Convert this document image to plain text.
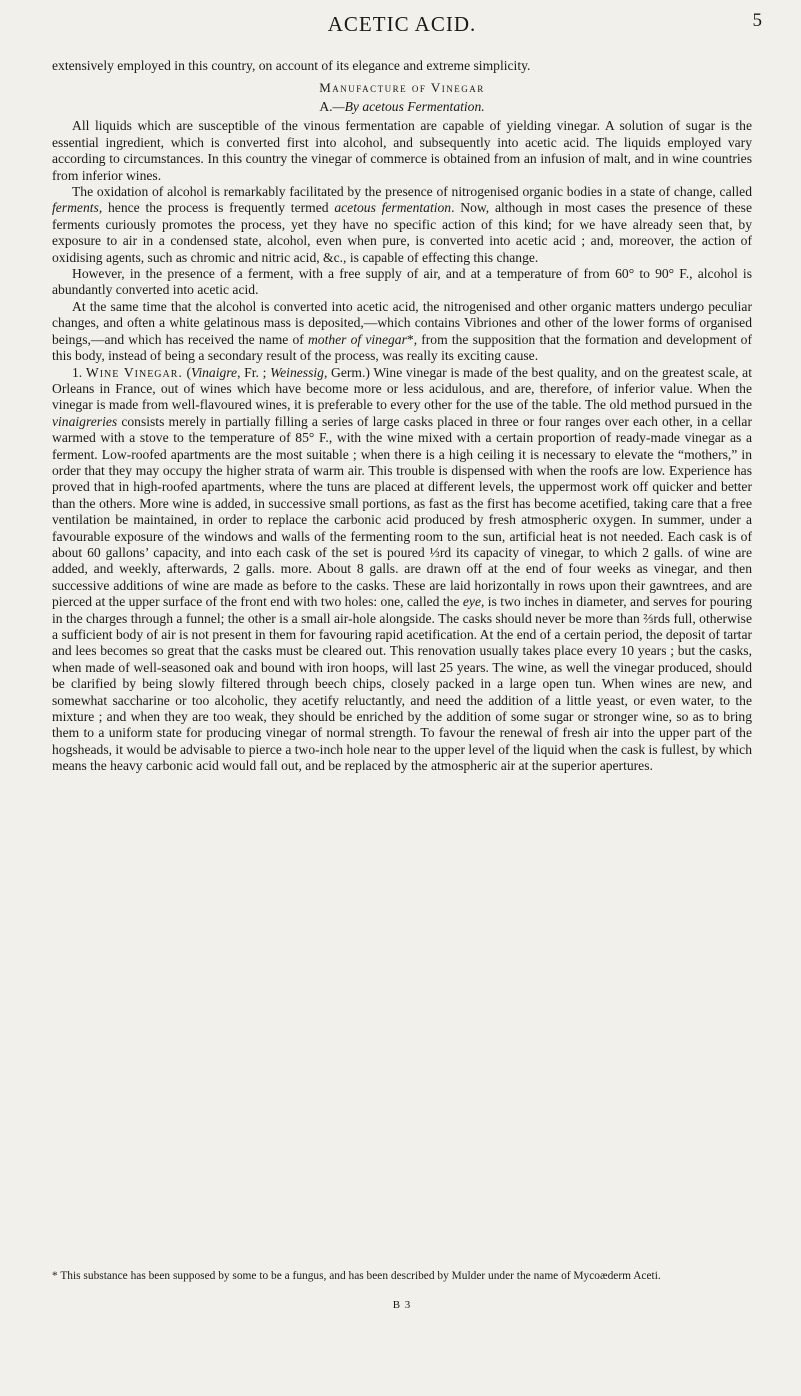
ACETIC ACID.	5

extensively employed in this country, on account of its elegance and extreme simplicity.

Manufacture of Vinegar
A.—By acetous Fermentation.

All liquids which are susceptible of the vinous fermentation are capable of yielding vinegar. A solution of sugar is the essential ingredient, which is converted first into alcohol, and subsequently into acetic acid. The liquids employed vary according to circumstances. In this country the vinegar of commerce is obtained from an infusion of malt, and in wine countries from inferior wines.

The oxidation of alcohol is remarkably facilitated by the presence of nitrogenised organic bodies in a state of change, called ferments, hence the process is frequently termed acetous fermentation. Now, although in most cases the presence of these ferments curiously promotes the process, yet they have no specific action of this kind; for we have already seen that, by exposure to air in a condensed state, alcohol, even when pure, is converted into acetic acid ; and, moreover, the action of oxidising agents, such as chromic and nitric acid, &c., is capable of effecting this change.

However, in the presence of a ferment, with a free supply of air, and at a temperature of from 60° to 90° F., alcohol is abundantly converted into acetic acid.

At the same time that the alcohol is converted into acetic acid, the nitrogenised and other organic matters undergo peculiar changes, and often a white gelatinous mass is deposited,—which contains Vibriones and other of the lower forms of organised beings,—and which has received the name of mother of vinegar*, from the supposition that the formation and development of this body, instead of being a secondary result of the process, was really its exciting cause.

1. Wine Vinegar. (Vinaigre, Fr. ; Weinessig, Germ.) Wine vinegar is made of the best quality, and on the greatest scale, at Orleans in France, out of wines which have become more or less acidulous, and are, therefore, of inferior value. When the vinegar is made from well-flavoured wines, it is preferable to every other for the use of the table. The old method pursued in the vinaigreries consists merely in partially filling a series of large casks placed in three or four ranges over each other, in a cellar warmed with a stove to the temperature of 85° F., with the wine mixed with a certain proportion of ready-made vinegar as a ferment. Low-roofed apartments are the most suitable ; when there is a high ceiling it is necessary to elevate the “mothers,” in order that they may occupy the higher strata of warm air. This trouble is dispensed with when the roofs are low. Experience has proved that in high-roofed apartments, where the tuns are placed at different levels, the uppermost work off quicker and better than the others. More wine is added, in successive small portions, as fast as the first has become acetified, taking care that a free ventilation be maintained, in order to replace the carbonic acid produced by fresh atmospheric oxygen. In summer, under a favourable exposure of the windows and walls of the fermenting room to the sun, artificial heat is not needed. Each cask is of about 60 gallons’ capacity, and into each cask of the set is poured ⅓rd its capacity of vinegar, to which 2 galls. of wine are added, and weekly, afterwards, 2 galls. more. About 8 galls. are drawn off at the end of four weeks as vinegar, and then successive additions of wine are made as before to the casks. These are laid horizontally in rows upon their gawntrees, and are pierced at the upper surface of the front end with two holes: one, called the eye, is two inches in diameter, and serves for pouring in the charges through a funnel; the other is a small air-hole alongside. The casks should never be more than ⅔rds full, otherwise a sufficient body of air is not present in them for favouring rapid acetification. At the end of a certain period, the deposit of tartar and lees becomes so great that the casks must be cleared out. This renovation usually takes place every 10 years ; but the casks, when made of well-seasoned oak and bound with iron hoops, will last 25 years. The wine, as well the vinegar produced, should be clarified by being slowly filtered through beech chips, closely packed in a large open tun. When wines are new, and somewhat saccharine or too alcoholic, they acetify reluctantly, and need the addition of a little yeast, or even water, to the mixture ; and when they are too weak, they should be enriched by the addition of some sugar or stronger wine, so as to bring them to a uniform state for producing vinegar of normal strength. To favour the renewal of fresh air into the upper part of the hogsheads, it would be advisable to pierce a two-inch hole near to the upper level of the liquid when the cask is fullest, by which means the heavy carbonic acid would fall out, and be replaced by the atmospheric air at the superior apertures.

* This substance has been supposed by some to be a fungus, and has been described by Mulder under the name of Mycoæderm Aceti.
B 3
